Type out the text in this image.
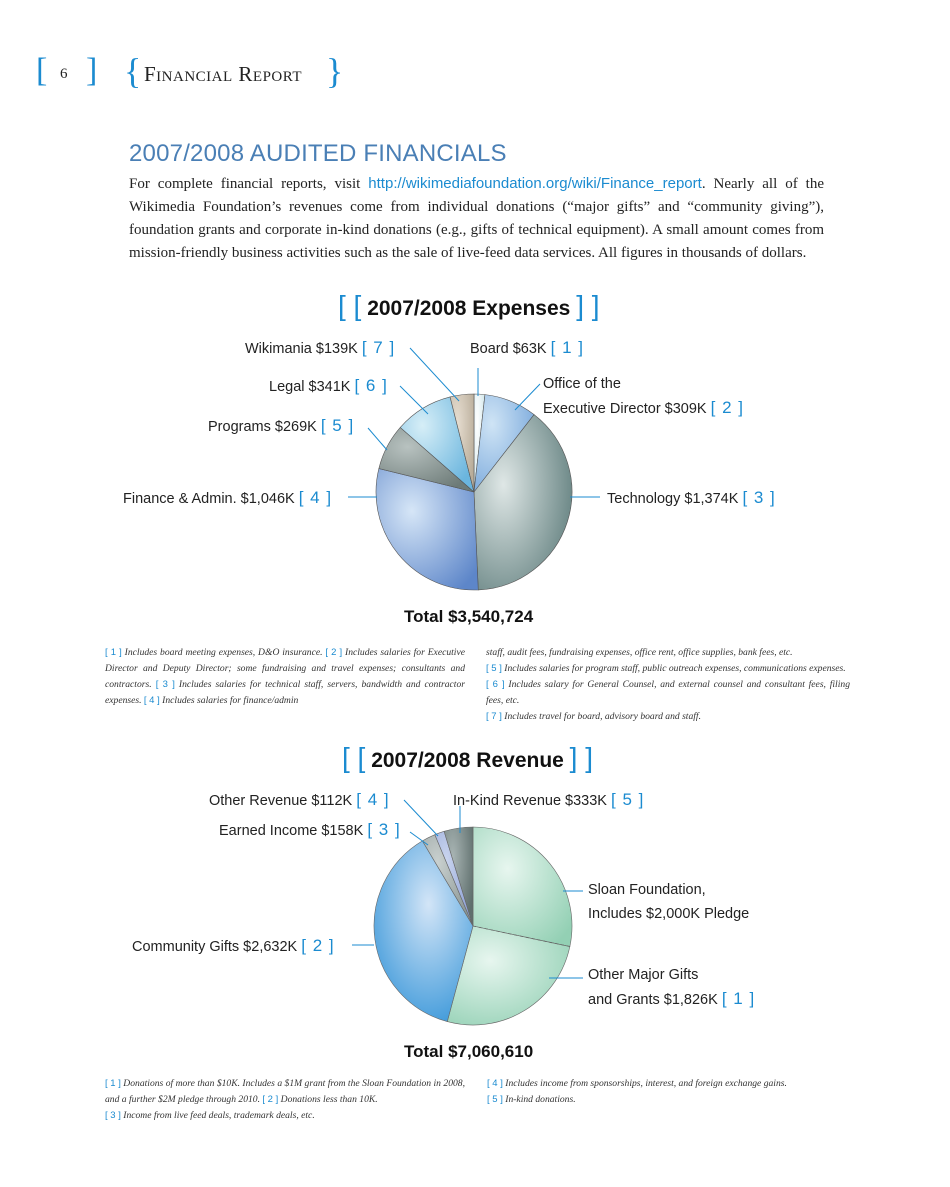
[ 6 ] { Financial Report }
2007/2008 AUDITED FINANCIALS
For complete financial reports, visit http://wikimediafoundation.org/wiki/Finance_report. Nearly all of the Wikimedia Foundation’s revenues come from individual donations (“major gifts” and “community giving”), foundation grants and corporate in-kind donations (e.g., gifts of technical equipment). A small amount comes from mission-friendly business activities such as the sale of live-feed data services. All figures in thousands of dollars.
[ [ 2007/2008 Expenses ] ]
Board $63K [ 1 ]
Office of the
Executive Director $309K [ 2 ]
Technology $1,374K [ 3 ]
Finance & Admin. $1,046K [ 4 ]
Programs $269K [ 5 ]
Legal $341K [ 6 ]
Wikimania $139K [ 7 ]
Total $3,540,724
[ 1 ] Includes board meeting expenses, D&O insurance. [ 2 ] Includes salaries for Executive Director and Deputy Director; some fundraising and travel expenses; consultants and contractors. [ 3 ] Includes salaries for technical staff, servers, bandwidth and contractor expenses. [ 4 ] Includes salaries for finance/admin
staff, audit fees, fundraising expenses, office rent, office supplies, bank fees, etc.
[ 5 ] Includes salaries for program staff, public outreach expenses, communications expenses.
[ 6 ] Includes salary for General Counsel, and external counsel and consultant fees, filing fees, etc.
[ 7 ] Includes travel for board, advisory board and staff.
[ [ 2007/2008 Revenue ] ]
Sloan Foundation,
Includes $2,000K Pledge
Other Major Gifts
and Grants $1,826K [ 1 ]
Community Gifts $2,632K [ 2 ]
Earned Income $158K [ 3 ]
Other Revenue $112K [ 4 ]	In-Kind Revenue $333K [ 5 ]
Total $7,060,610
[ 1 ] Donations of more than $10K. Includes a $1M grant from the Sloan Foundation in 2008, and a further $2M pledge through 2010. [ 2 ] Donations less than 10K.
[ 3 ] Income from live feed deals, trademark deals, etc.
[ 4 ] Includes income from sponsorships, interest, and foreign exchange gains.
[ 5 ] In-kind donations.
